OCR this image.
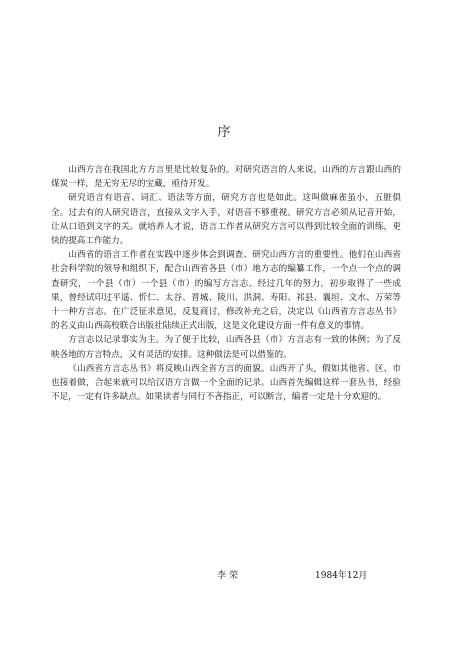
序

山西方言在我国北方方言里是比较复杂的。对研究语言的人来说，山西的方言跟山西的煤炭一样，是无穷无尽的宝藏，亟待开发。

研究语言有语音、词汇、语法等方面，研究方言也是如此。这叫做麻雀虽小，五脏俱全。过去有的人研究语言，直接从文字入手，对语音不够重视。研究方言必须从记音开始，让从口语到文字的关。就培养人才说，语言工作者从研究方言可以得到比较全面的训练，更快的提高工作能力。

山西省的语言工作者在实践中逐步体会到调查、研究山西方言的重要性。他们在山西省社会科学院的领导和组织下，配合山西省各县（市）地方志的编纂工作，一个点一个点的调查研究，一个县（市）一个县（市）的编写方言志。经过几年的努力，初步取得了一些成果，曾经试印过平遥、忻仁、太谷、晋城、陵川、洪洞、寿阳、祁县、襄垣、文水、万荣等十一种方言志。在广泛征求意见，反复商讨，修改补充之后，决定以《山西省方言志丛书》的名义由山西高校联合出版社陆续正式出版，这是文化建设方面一件有意义的事情。

方言志以记录事实为主。为了便于比较，山西各县（市）方言志有一致的体例；为了反映各地的方言特点，又有灵活的安排。这种做法是可以借鉴的。

《山西省方言志丛书》将反映山西全省方言的面貌。山西开了头，假如其他省、区、市也接着做，合起来就可以给汉语方言做一个全面的记录。山西首先编辑这样一套丛书，经验不足，一定有许多缺点。如果读者与同行不吝指正，可以断言，编者一定是十分欢迎的。

李荣	1984年12月
